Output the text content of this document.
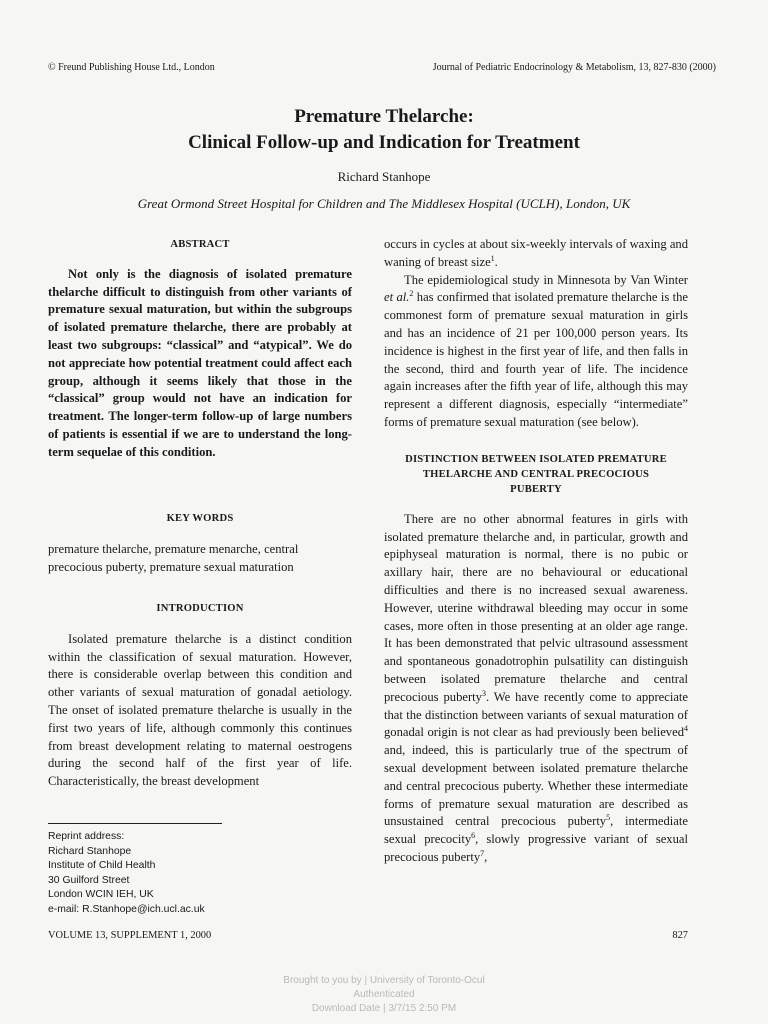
© Freund Publishing House Ltd., London	Journal of Pediatric Endocrinology & Metabolism, 13, 827-830 (2000)
Premature Thelarche:
Clinical Follow-up and Indication for Treatment
Richard Stanhope
Great Ormond Street Hospital for Children and The Middlesex Hospital (UCLH), London, UK
ABSTRACT

Not only is the diagnosis of isolated premature thelarche difficult to distinguish from other variants of premature sexual maturation, but within the subgroups of isolated premature thelarche, there are probably at least two subgroups: “classical” and “atypical”. We do not appreciate how potential treatment could affect each group, although it seems likely that those in the “classical” group would not have an indication for treatment. The longer-term follow-up of large numbers of patients is essential if we are to understand the long-term sequelae of this condition.

KEY WORDS

premature thelarche, premature menarche, central precocious puberty, premature sexual maturation

INTRODUCTION

Isolated premature thelarche is a distinct condition within the classification of sexual maturation. However, there is considerable overlap between this condition and other variants of sexual maturation of gonadal aetiology. The onset of isolated premature thelarche is usually in the first two years of life, although commonly this continues from breast development relating to maternal oestrogens during the second half of the first year of life. Characteristically, the breast development

Reprint address:
Richard Stanhope
Institute of Child Health
30 Guilford Street
London WCIN IEH, UK
e-mail: R.Stanhope@ich.ucl.ac.uk

occurs in cycles at about six-weekly intervals of waxing and waning of breast size$^1$.

The epidemiological study in Minnesota by Van Winter et al.$^2$ has confirmed that isolated premature thelarche is the commonest form of premature sexual maturation in girls and has an incidence of 21 per 100,000 person years. Its incidence is highest in the first year of life, and then falls in the second, third and fourth year of life. The incidence again increases after the fifth year of life, although this may represent a different diagnosis, especially “intermediate” forms of premature sexual maturation (see below).

DISTINCTION BETWEEN ISOLATED PREMATURE
THELARCHE AND CENTRAL PRECOCIOUS
PUBERTY

There are no other abnormal features in girls with isolated premature thelarche and, in particular, growth and epiphyseal maturation is normal, there is no pubic or axillary hair, there are no behavioural or educational difficulties and there is no increased sexual awareness. However, uterine withdrawal bleeding may occur in some cases, more often in those presenting at an older age range. It has been demonstrated that pelvic ultrasound assessment and spontaneous gonadotrophin pulsatility can distinguish between isolated premature thelarche and central precocious puberty$^3$. We have recently come to appreciate that the distinction between variants of sexual maturation of gonadal origin is not clear as had previously been believed$^4$ and, indeed, this is particularly true of the spectrum of sexual development between isolated premature thelarche and central precocious puberty. Whether these intermediate forms of premature sexual maturation are described as unsustained central precocious puberty$^5$, intermediate sexual precocity$^6$, slowly progressive variant of sexual precocious puberty$^7$,

VOLUME 13, SUPPLEMENT 1, 2000	827
Brought to you by | University of Toronto-Ocul
Authenticated
Download Date | 3/7/15 2:50 PM
